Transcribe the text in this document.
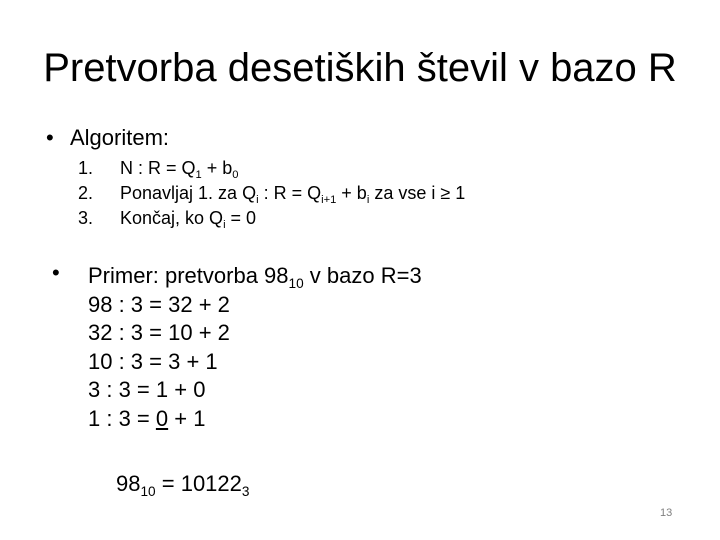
Pretvorba desetiških števil v bazo R
• Algoritem:
1. N : $R = Q_1 + b_0$
2. Ponavljaj 1. za $Q_i$ : $R = Q_{i+1} + b_i$ za vse i ≥ 1
3. Končaj, ko $Q_i = 0$
• Primer: pretvorba $98_{10}$ v bazo R=3
98 : 3 = 32 + 2
32 : 3 = 10 + 2
10 : 3 = 3 + 1
3 : 3 = 1 + 0
1 : 3 = 0 + 1
$98_{10} = 10122_3$
13
